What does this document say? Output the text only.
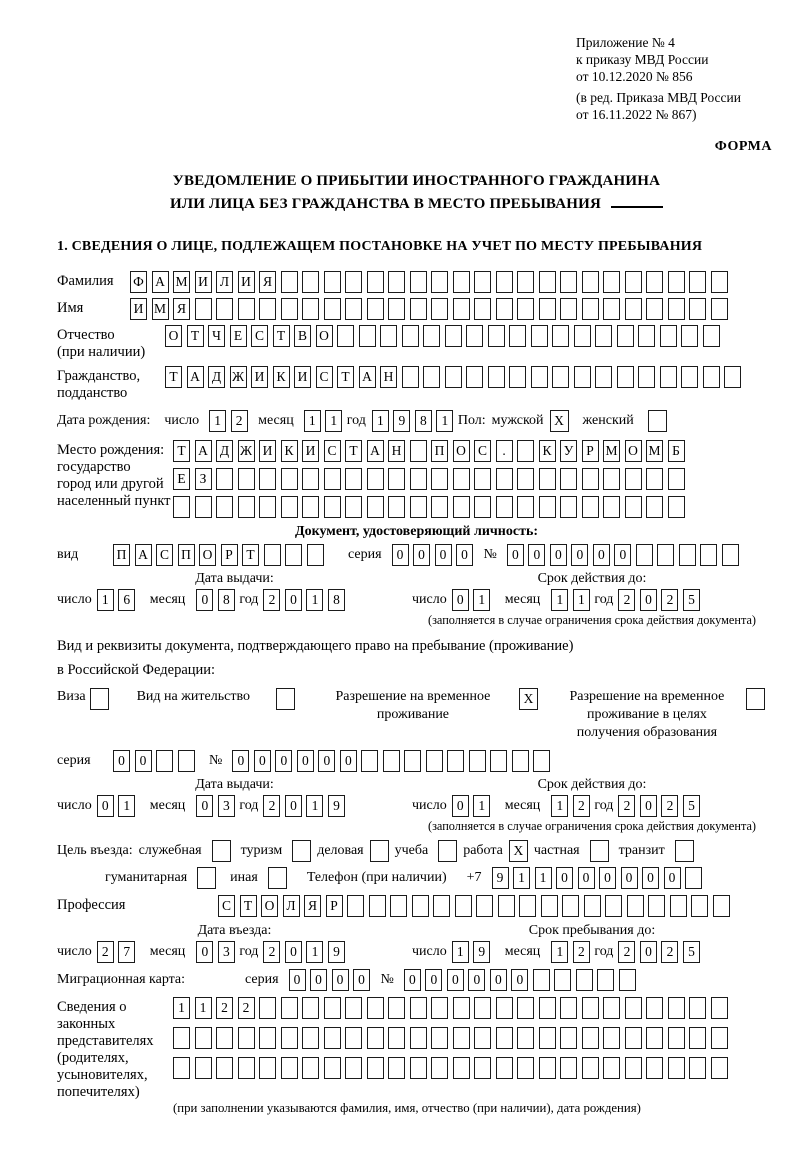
Приложение № 4
к приказу МВД России
от 10.12.2020 № 856
(в ред. Приказа МВД России
от 16.11.2022 № 867)
ФОРМА
УВЕДОМЛЕНИЕ О ПРИБЫТИИ ИНОСТРАННОГО ГРАЖДАНИНА
ИЛИ ЛИЦА БЕЗ ГРАЖДАНСТВА В МЕСТО ПРЕБЫВАНИЯ
1. СВЕДЕНИЯ О ЛИЦЕ, ПОДЛЕЖАЩЕМ ПОСТАНОВКЕ НА УЧЕТ ПО МЕСТУ ПРЕБЫВАНИЯ
Фамилия	Ф А М И Л И Я
Имя	И М Я
Отчество
(при наличии)
О Т Ч Е С Т В О
Гражданство,
подданство
Т А Д Ж И К И С Т А Н
Дата рождения: число	1	2	месяц	1	1 год 1	9	8	1 Пол: мужской X	женский
Место рождения:
государство
город или другой
населенный пункт
Т А Д Ж И К И С Т А Н П О С	.	К У Р М О М Б
Е	З
Документ, удостоверяющий личность:
вид	П А С П О Р	Т	серия	0	0	0	0	№	0	0	0	0	0	0
Дата выдачи:
число 1	6	месяц	0	8 год 2	0	1	8
Срок действия до:
число 0	1	месяц	1	1 год 2	0	2	5
(заполняется в случае ограничения срока действия документа)
Вид и реквизиты документа, подтверждающего право на пребывание (проживание)
в Российской Федерации:
Виза	Вид на жительство	Разрешение на временное проживание
X	Разрешение на временное проживание в целях получения образования
серия	0	0	№	0	0	0	0	0	0
Дата выдачи:
число 0	1	месяц	0	3 год 2	0	1	9
Срок действия до:
число 0	1	месяц	1	2 год 2	0	2	5
(заполняется в случае ограничения срока действия документа)
Цель въезда: служебная	туризм	деловая учеба	работа X частная	транзит
гуманитарная	иная	Телефон (при наличии) +7	9	1	1	0	0	0	0	0	0
Профессия	С Т О Л Я Р
Дата въезда:
число 2	7	месяц	0	3 год 2	0	1	9
Срок пребывания до:
число 1	9	месяц	1	2 год 2	0	2	5
Миграционная карта:	серия	0	0	0	0	№	0	0	0	0	0	0
Сведения о
законных
представителях
(родителях,
усыновителях,
попечителях)
1	1	2	2
(при заполнении указываются фамилия, имя, отчество (при наличии), дата рождения)
